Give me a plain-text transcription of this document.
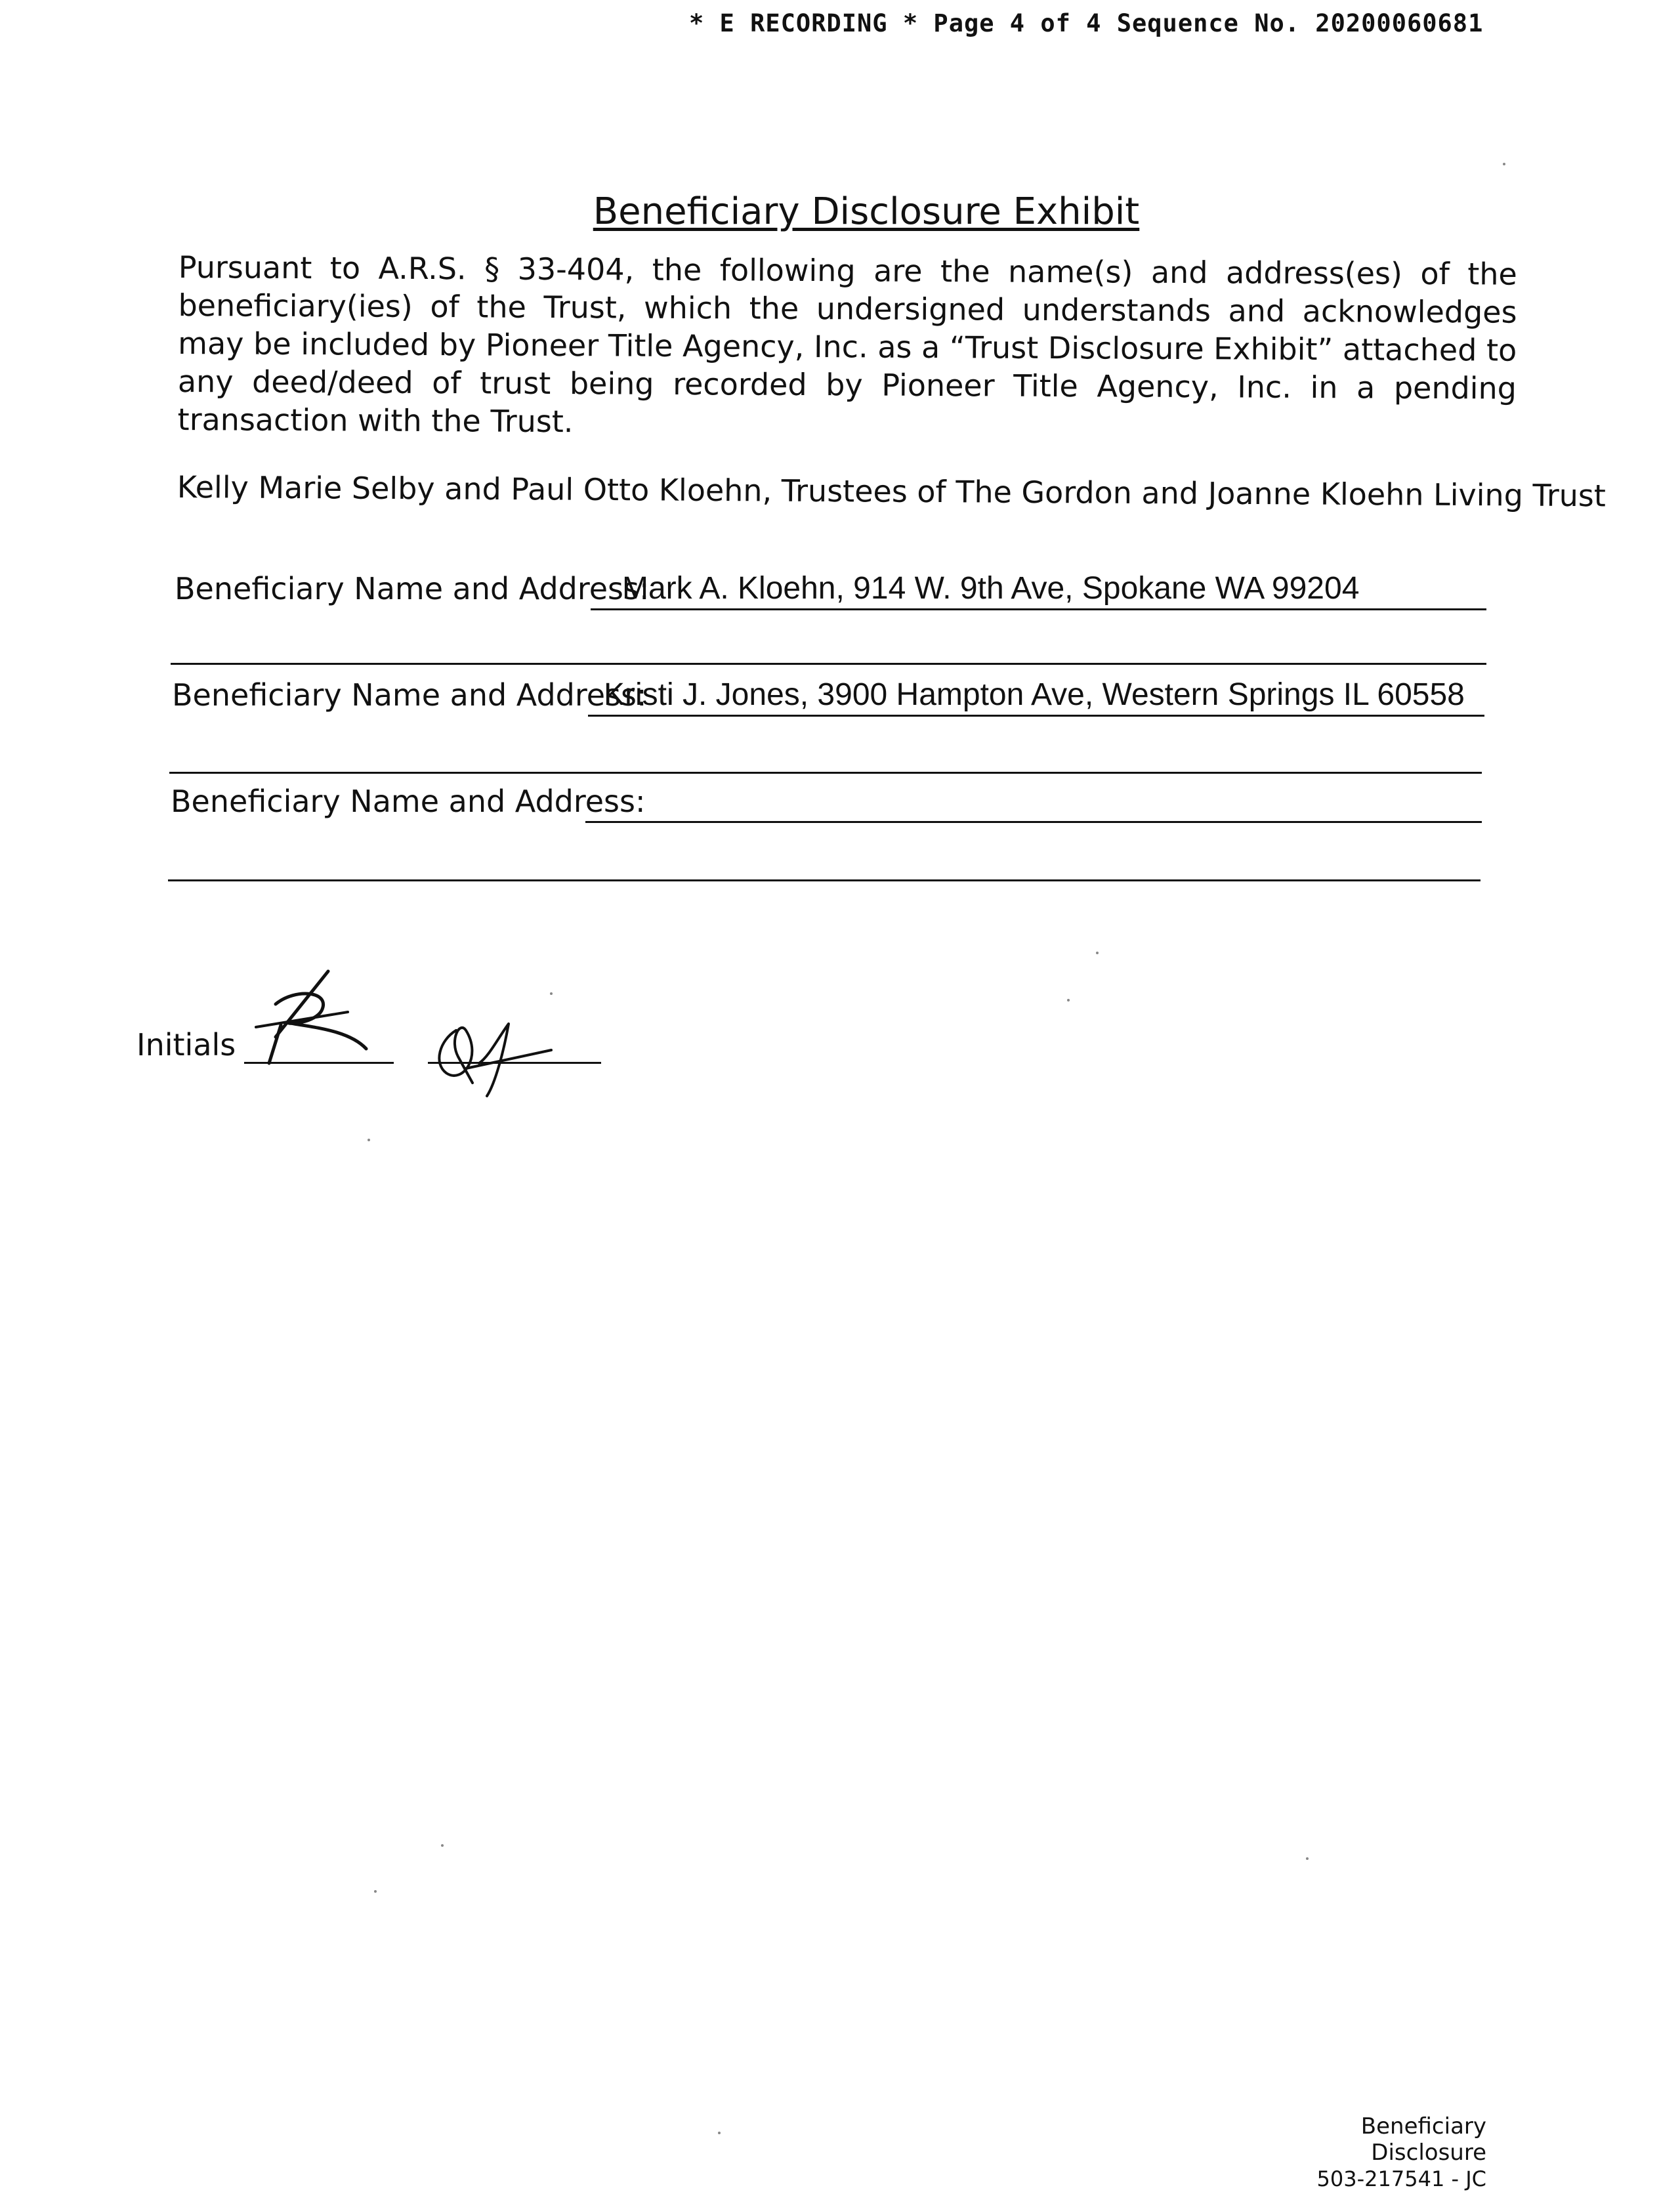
* E RECORDING * Page 4 of 4 Sequence No. 20200060681
Beneficiary Disclosure Exhibit
Pursuant to A.R.S. § 33-404, the following are the name(s) and address(es) of the beneficiary(ies) of the Trust, which the undersigned understands and acknowledges may be included by Pioneer Title Agency, Inc. as a “Trust Disclosure Exhibit” attached to any deed/deed of trust being recorded by Pioneer Title Agency, Inc. in a pending transaction with the Trust.
Kelly Marie Selby and Paul Otto Kloehn, Trustees of The Gordon and Joanne Kloehn Living Trust
Beneficiary Name and Address:
Mark A. Kloehn, 914 W. 9th Ave, Spokane WA 99204
Beneficiary Name and Address:
Kristi J. Jones, 3900 Hampton Ave, Western Springs IL 60558
Beneficiary Name and Address:
Initials
Beneficiary Disclosure
503-217541 - JC
